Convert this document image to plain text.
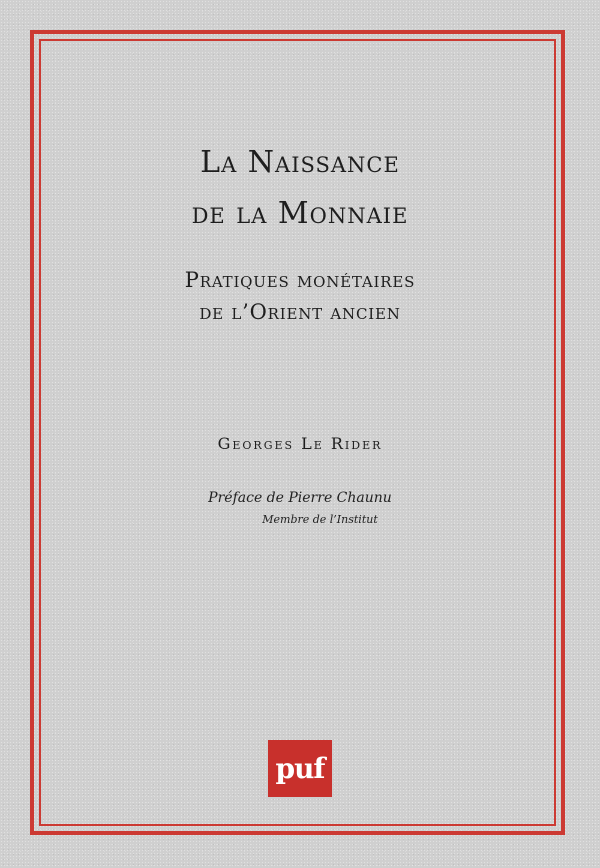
La Naissance
de la Monnaie
Pratiques monétaires
de l’Orient ancien
Georges Le Rider
Préface de Pierre Chaunu
Membre de l’Institut
puf
